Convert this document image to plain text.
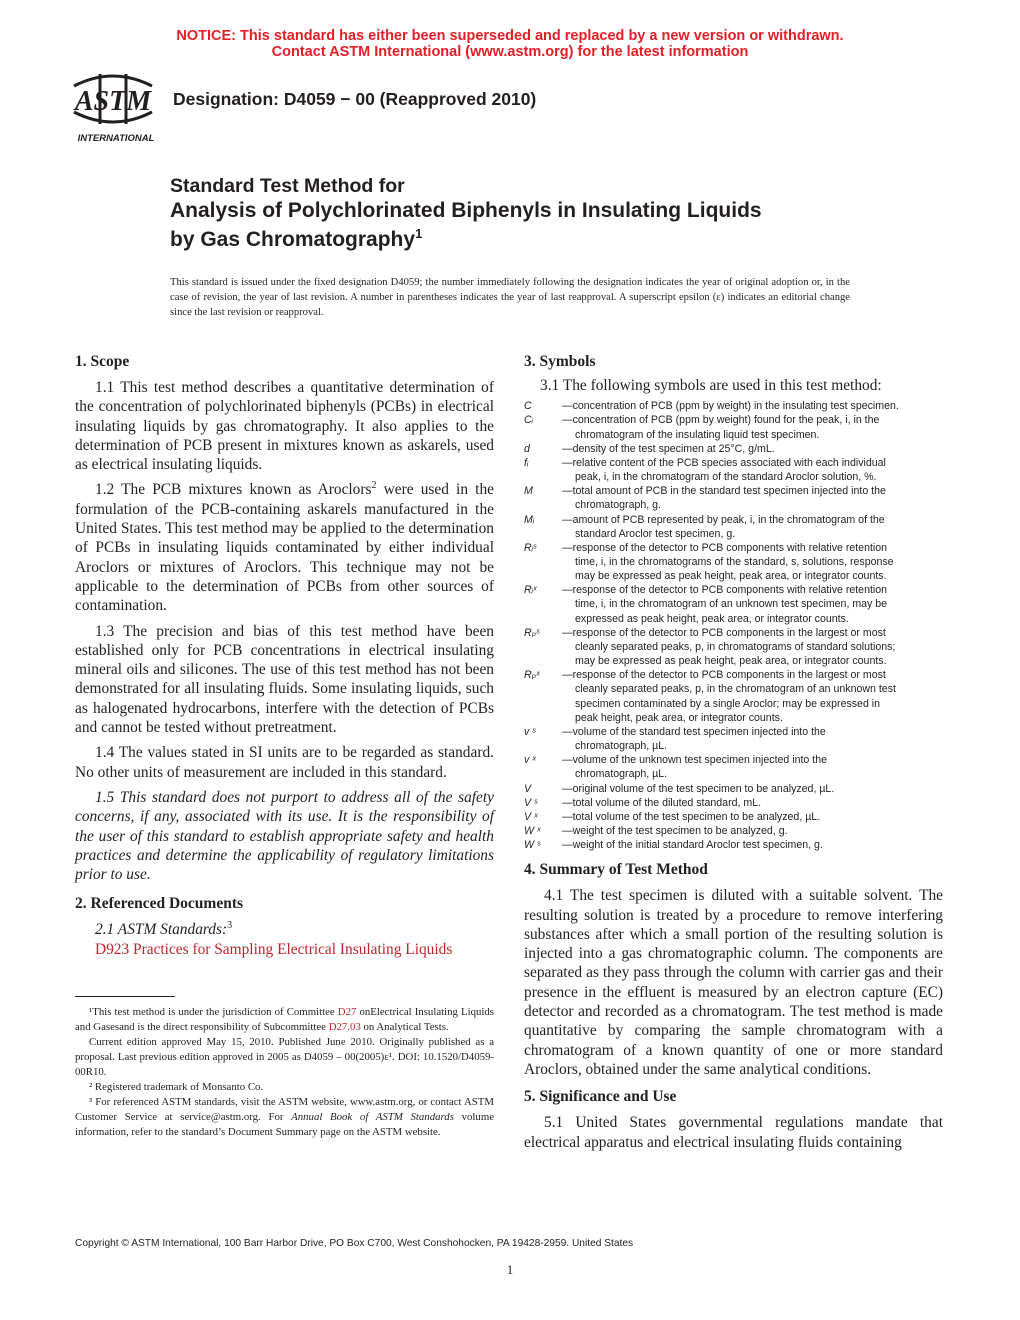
NOTICE: This standard has either been superseded and replaced by a new version or withdrawn.
Contact ASTM International (www.astm.org) for the latest information
ASTM
INTERNATIONAL
Designation: D4059 − 00 (Reapproved 2010)
Standard Test Method for
Analysis of Polychlorinated Biphenyls in Insulating Liquids
by Gas Chromatography$^1$
This standard is issued under the fixed designation D4059; the number immediately following the designation indicates the year of original adoption or, in the case of revision, the year of last revision. A number in parentheses indicates the year of last reapproval. A superscript epsilon (ε) indicates an editorial change since the last revision or reapproval.
1. Scope

1.1 This test method describes a quantitative determination of the concentration of polychlorinated biphenyls (PCBs) in electrical insulating liquids by gas chromatography. It also applies to the determination of PCB present in mixtures known as askarels, used as electrical insulating liquids.

1.2 The PCB mixtures known as Aroclors$^2$ were used in the formulation of the PCB-containing askarels manufactured in the United States. This test method may be applied to the determination of PCBs in insulating liquids contaminated by either individual Aroclors or mixtures of Aroclors. This technique may not be applicable to the determination of PCBs from other sources of contamination.

1.3 The precision and bias of this test method have been established only for PCB concentrations in electrical insulating mineral oils and silicones. The use of this test method has not been demonstrated for all insulating fluids. Some insulating liquids, such as halogenated hydrocarbons, interfere with the detection of PCBs and cannot be tested without pretreatment.

1.4 The values stated in SI units are to be regarded as standard. No other units of measurement are included in this standard.

1.5 This standard does not purport to address all of the safety concerns, if any, associated with its use. It is the responsibility of the user of this standard to establish appropriate safety and health practices and determine the applicability of regulatory limitations prior to use.

2. Referenced Documents

2.1 ASTM Standards:$^3$

D923 Practices for Sampling Electrical Insulating Liquids

3. Symbols

3.1 The following symbols are used in this test method:

C	—concentration of PCB (ppm by weight) in the insulating test specimen.
Cᵢ	—concentration of PCB (ppm by weight) found for the peak, i, in the
chromatogram of the insulating liquid test specimen.
d	—density of the test specimen at 25°C, g/mL.
fᵢ	—relative content of the PCB species associated with each individual
peak, i, in the chromatogram of the standard Aroclor solution, %.
M	—total amount of PCB in the standard test specimen injected into the
chromatograph, g.
Mᵢ	—amount of PCB represented by peak, i, in the chromatogram of the
standard Aroclor test specimen, g.
Rᵢˢ	—response of the detector to PCB components with relative retention
time, i, in the chromatograms of the standard, s, solutions, response
may be expressed as peak height, peak area, or integrator counts.
Rᵢˣ	—response of the detector to PCB components with relative retention
time, i, in the chromatogram of an unknown test specimen, may be
expressed as peak height, peak area, or integrator counts.
Rₚˢ	—response of the detector to PCB components in the largest or most
cleanly separated peaks, p, in chromatograms of standard solutions;
may be expressed as peak height, peak area, or integrator counts.
Rₚˣ	—response of the detector to PCB components in the largest or most
cleanly separated peaks, p, in the chromatogram of an unknown test
specimen contaminated by a single Aroclor; may be expressed in
peak height, peak area, or integrator counts.
v ˢ	—volume of the standard test specimen injected into the
chromatograph, µL.
v ˣ	—volume of the unknown test specimen injected into the
chromatograph, µL.
V	—original volume of the test specimen to be analyzed, µL.
V ˢ	—total volume of the diluted standard, mL.
V ˣ	—total volume of the test specimen to be analyzed, µL.
W ˣ	—weight of the test specimen to be analyzed, g.
W ˢ	—weight of the initial standard Aroclor test specimen, g.
4. Summary of Test Method

4.1 The test specimen is diluted with a suitable solvent. The resulting solution is treated by a procedure to remove interfering substances after which a small portion of the resulting solution is injected into a gas chromatographic column. The components are separated as they pass through the column with carrier gas and their presence in the effluent is measured by an electron capture (EC) detector and recorded as a chromatogram. The test method is made quantitative by comparing the sample chromatogram with a chromatogram of a known quantity of one or more standard Aroclors, obtained under the same analytical conditions.

5. Significance and Use

5.1 United States governmental regulations mandate that electrical apparatus and electrical insulating fluids containing

¹This test method is under the jurisdiction of Committee D27 onElectrical Insulating Liquids and Gasesand is the direct responsibility of Subcommittee D27.03 on Analytical Tests.

Current edition approved May 15, 2010. Published June 2010. Originally published as a proposal. Last previous edition approved in 2005 as D4059 – 00(2005)ε¹. DOI: 10.1520/D4059-00R10.

² Registered trademark of Monsanto Co.

³ For referenced ASTM standards, visit the ASTM website, www.astm.org, or contact ASTM Customer Service at service@astm.org. For Annual Book of ASTM Standards volume information, refer to the standard’s Document Summary page on the ASTM website.

Copyright © ASTM International, 100 Barr Harbor Drive, PO Box C700, West Conshohocken, PA 19428-2959. United States
1
